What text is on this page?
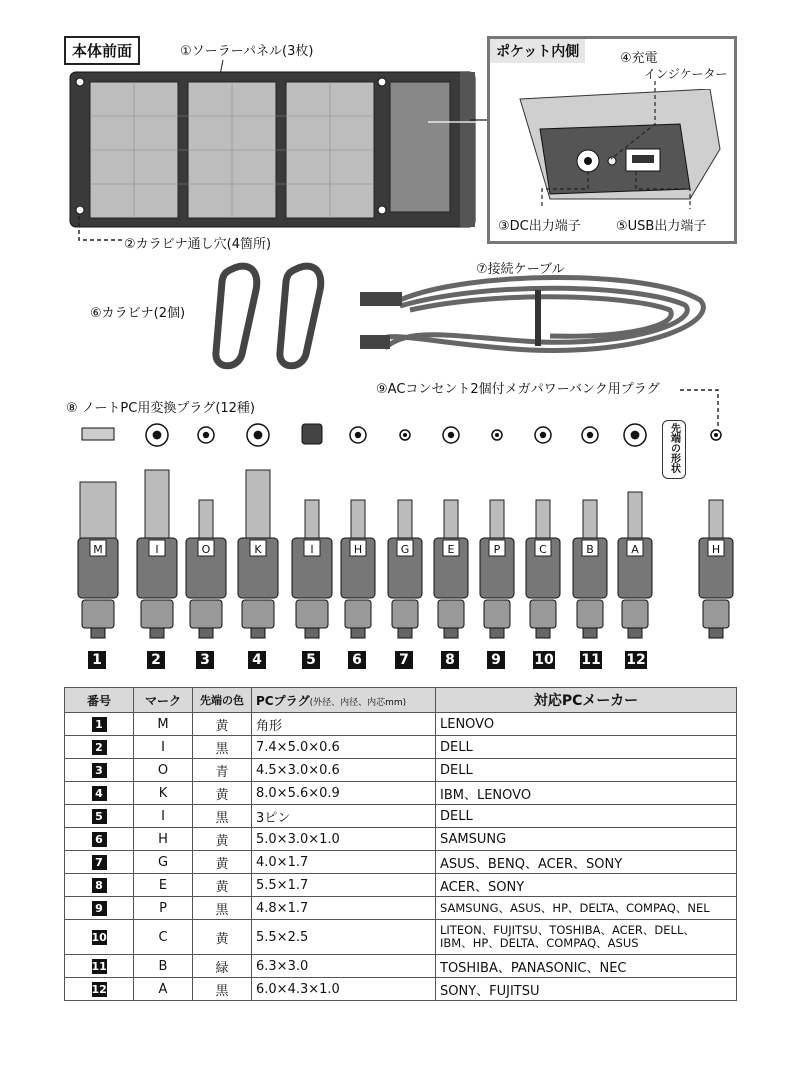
本体前面	①ソーラーパネル(3枚)
②カラビナ通し穴(4箇所)
ポケット内側	④充電
インジケーター
③DC出力端子	⑤USB出力端子
⑥カラビナ(2個)
⑦接続ケーブル
⑨ACコンセント2個付メガパワーバンク用プラグ
⑧ ノートPC用変換プラグ(12種)
M	I	O	K	I	H	G	E	P	C	B	A	H
先端の形状
1	2	3	4	5	6	7	8	9 10 11 12
番号	マーク	先端の色	PCプラグ(外径、内径、内芯mm)	対応PCメーカー
1	M	黄	角形	LENOVO
2	I	黒	7.4×5.0×0.6	DELL
3	O	青	4.5×3.0×0.6	DELL
4	K	黄	8.0×5.6×0.9	IBM、LENOVO
5	I	黒	3ピン	DELL
6	H	黄	5.0×3.0×1.0	SAMSUNG
7	G	黄	4.0×1.7	ASUS、BENQ、ACER、SONY
8	E	黄	5.5×1.7	ACER、SONY
9	P	黒	4.8×1.7	SAMSUNG、ASUS、HP、DELTA、COMPAQ、NEL
10	C	黄	5.5×2.5	LITEON、FUJITSU、TOSHIBA、ACER、DELL、
IBM、HP、DELTA、COMPAQ、ASUS

11	B	緑	6.3×3.0	TOSHIBA、PANASONIC、NEC
12	A	黒	6.0×4.3×1.0	SONY、FUJITSU
